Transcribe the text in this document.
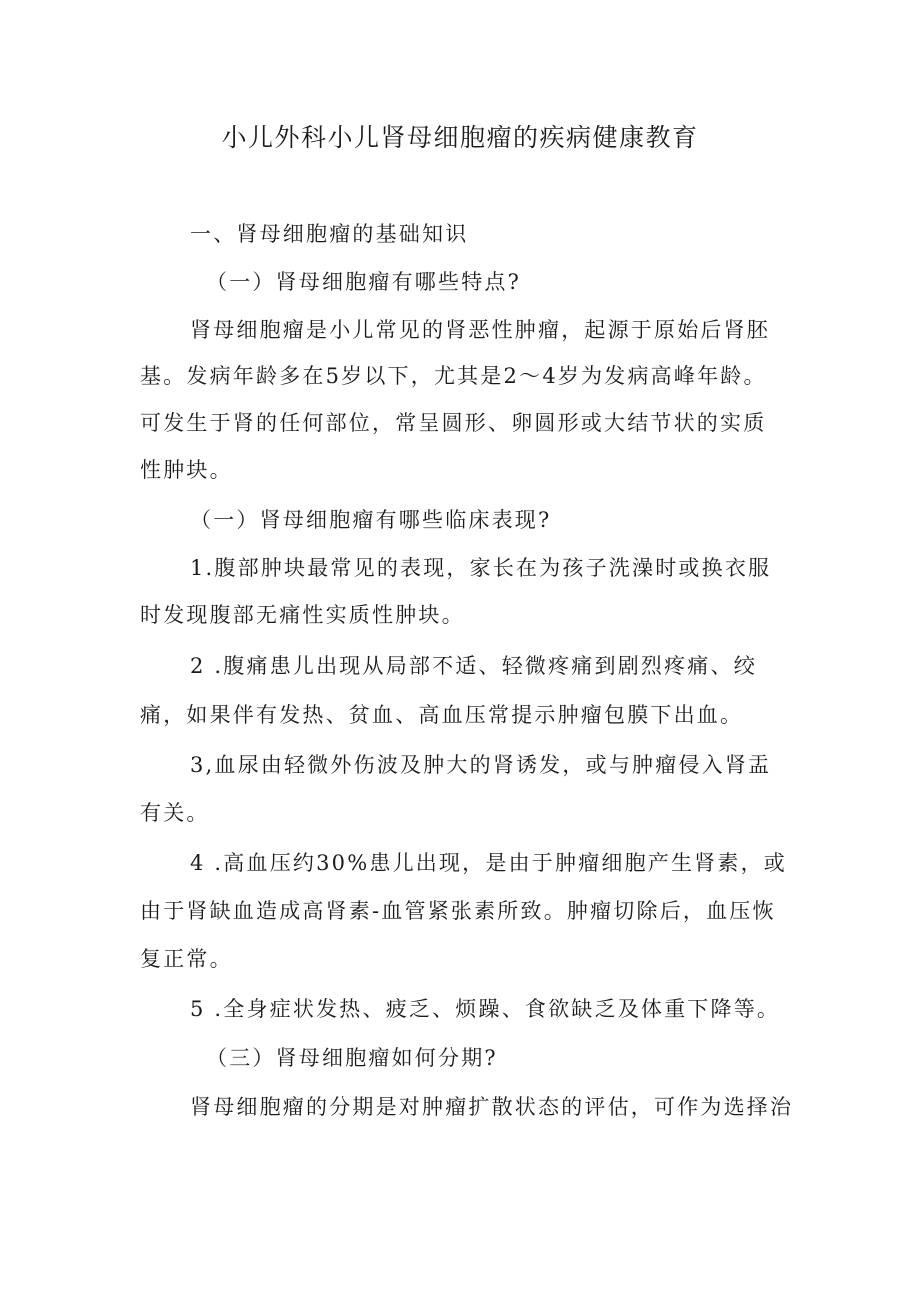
小儿外科小儿肾母细胞瘤的疾病健康教育
一、肾母细胞瘤的基础知识
（一）肾母细胞瘤有哪些特点?
肾母细胞瘤是小儿常见的肾恶性肿瘤，起源于原始后肾胚
基。发病年龄多在5岁以下，尤其是2～4岁为发病高峰年龄。
可发生于肾的任何部位，常呈圆形、卵圆形或大结节状的实质
性肿块。
（一）肾母细胞瘤有哪些临床表现?
1.腹部肿块最常见的表现，家长在为孩子洗澡时或换衣服
时发现腹部无痛性实质性肿块。
2 .腹痛患儿出现从局部不适、轻微疼痛到剧烈疼痛、绞
痛，如果伴有发热、贫血、高血压常提示肿瘤包膜下出血。
3,血尿由轻微外伤波及肿大的肾诱发，或与肿瘤侵入肾盂
有关。
4 .高血压约30%患儿出现，是由于肿瘤细胞产生肾素，或
由于肾缺血造成高肾素-血管紧张素所致。肿瘤切除后，血压恢
复正常。
5 .全身症状发热、疲乏、烦躁、食欲缺乏及体重下降等。
（三）肾母细胞瘤如何分期?
肾母细胞瘤的分期是对肿瘤扩散状态的评估，可作为选择治
